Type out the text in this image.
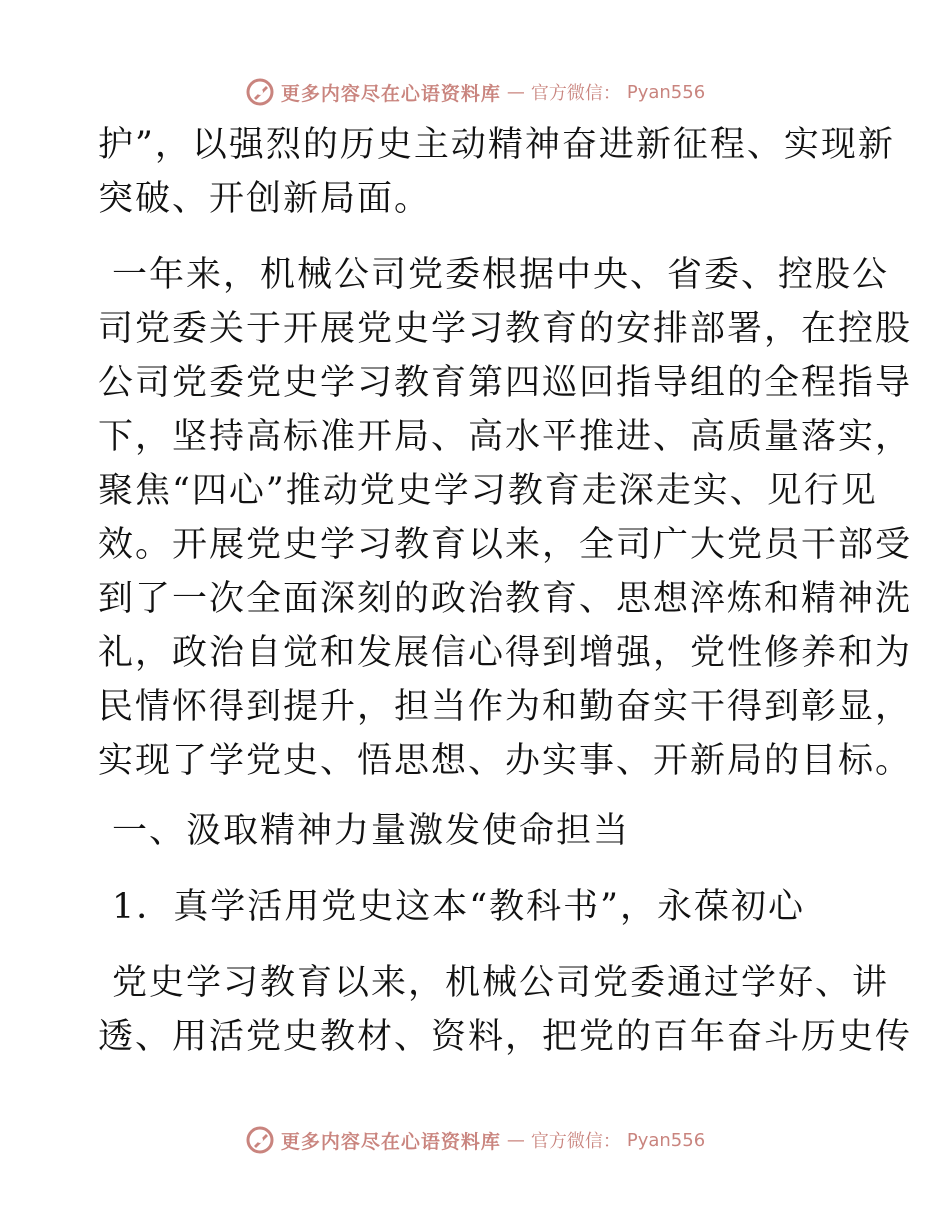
更多内容尽在心语资料库 — 官方微信： Pyan556
护”，以强烈的历史主动精神奋进新征程、实现新
突破、开创新局面。
一年来，机械公司党委根据中央、省委、控股公
司党委关于开展党史学习教育的安排部署，在控股
公司党委党史学习教育第四巡回指导组的全程指导
下，坚持高标准开局、高水平推进、高质量落实，
聚焦“四心”推动党史学习教育走深走实、见行见
效。开展党史学习教育以来，全司广大党员干部受
到了一次全面深刻的政治教育、思想淬炼和精神洗
礼，政治自觉和发展信心得到增强，党性修养和为
民情怀得到提升，担当作为和勤奋实干得到彰显，
实现了学党史、悟思想、办实事、开新局的目标。
一、汲取精神力量激发使命担当
1．真学活用党史这本“教科书”，永葆初心
党史学习教育以来，机械公司党委通过学好、讲
透、用活党史教材、资料，把党的百年奋斗历史传
更多内容尽在心语资料库 — 官方微信： Pyan556
